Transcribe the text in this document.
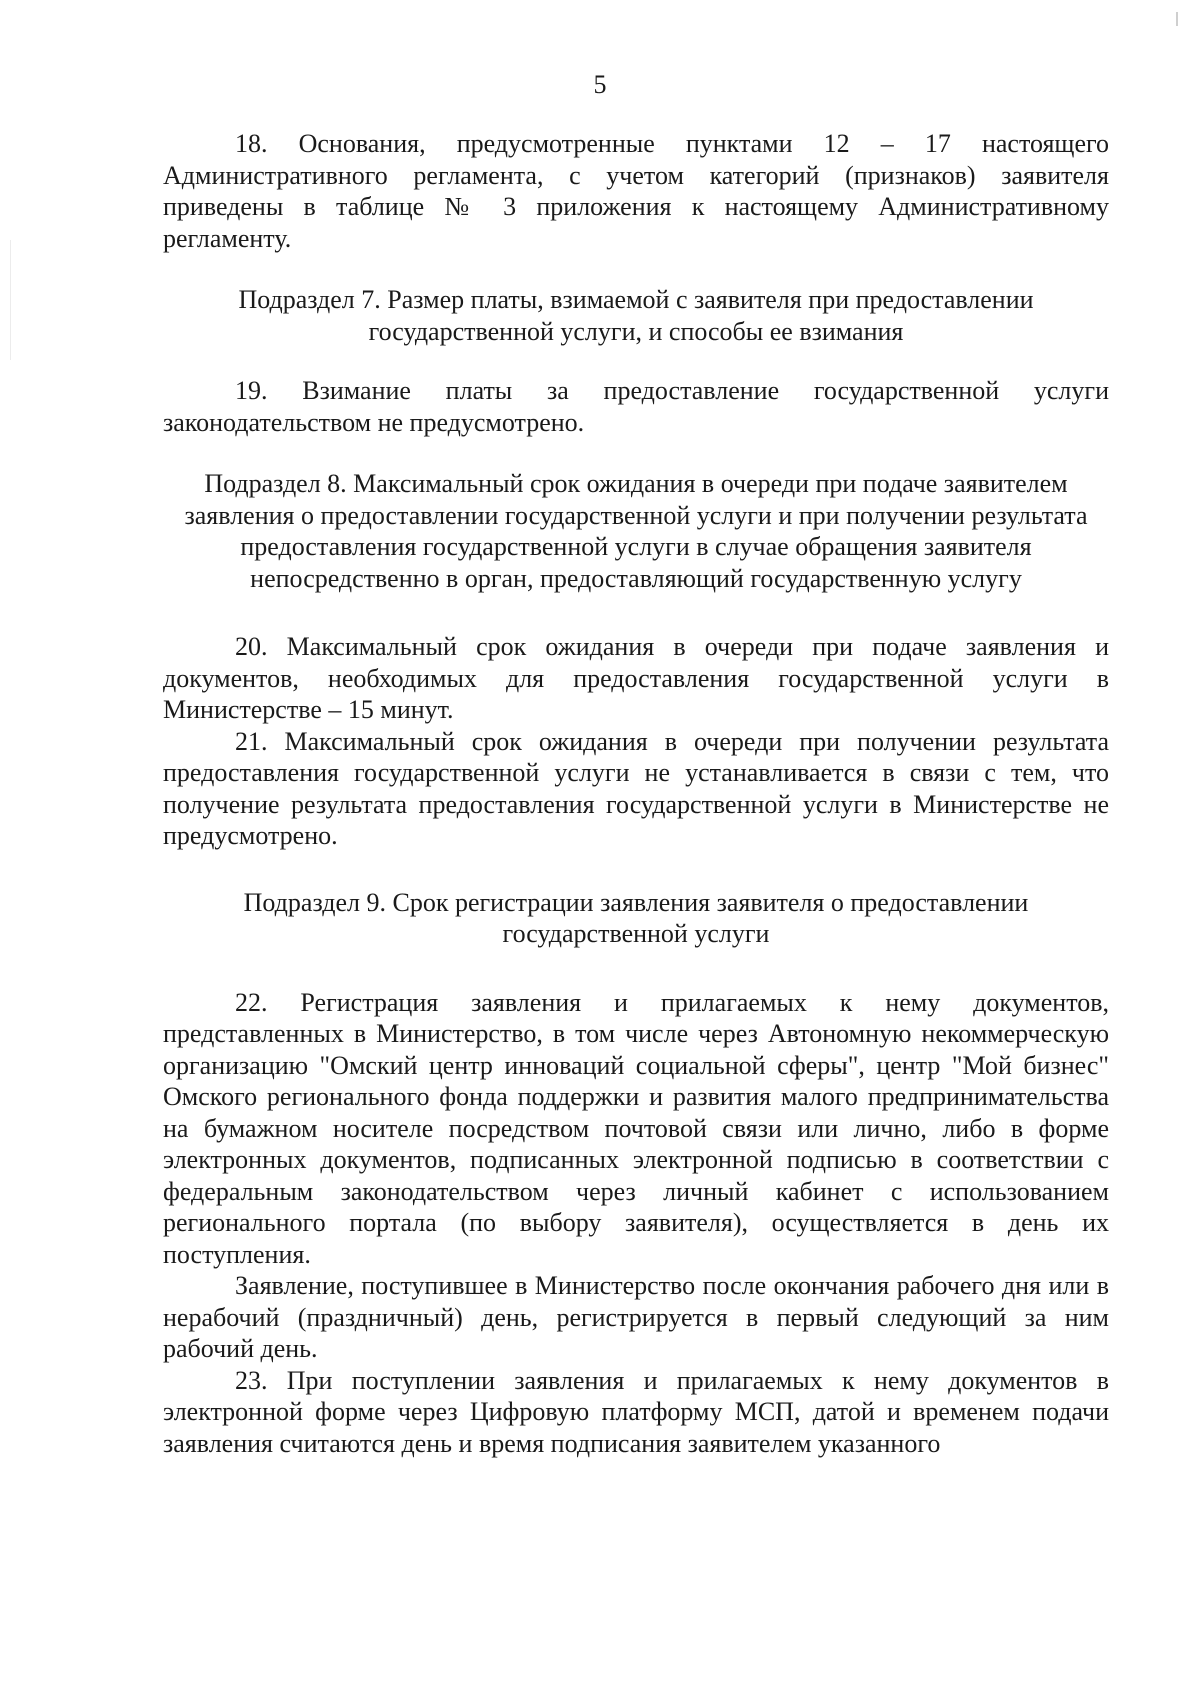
5

18. Основания, предусмотренные пунктами 12 – 17 настоящего Административного регламента, с учетом категорий (признаков) заявителя приведены в таблице № 3 приложения к настоящему Административному регламенту.

Подраздел 7. Размер платы, взимаемой с заявителя при предоставлении государственной услуги, и способы ее взимания

19. Взимание платы за предоставление государственной услуги законодательством не предусмотрено.

Подраздел 8. Максимальный срок ожидания в очереди при подаче заявителем заявления о предоставлении государственной услуги и при получении результата предоставления государственной услуги в случае обращения заявителя непосредственно в орган, предоставляющий государственную услугу

20. Максимальный срок ожидания в очереди при подаче заявления и документов, необходимых для предоставления государственной услуги в Министерстве – 15 минут.

21. Максимальный срок ожидания в очереди при получении результата предоставления государственной услуги не устанавливается в связи с тем, что получение результата предоставления государственной услуги в Министерстве не предусмотрено.

Подраздел 9. Срок регистрации заявления заявителя о предоставлении государственной услуги

22. Регистрация заявления и прилагаемых к нему документов, представленных в Министерство, в том числе через Автономную некоммерческую организацию "Омский центр инноваций социальной сферы", центр "Мой бизнес" Омского регионального фонда поддержки и развития малого предпринимательства на бумажном носителе посредством почтовой связи или лично, либо в форме электронных документов, подписанных электронной подписью в соответствии с федеральным законодательством через личный кабинет с использованием регионального портала (по выбору заявителя), осуществляется в день их поступления.

Заявление, поступившее в Министерство после окончания рабочего дня или в нерабочий (праздничный) день, регистрируется в первый следующий за ним рабочий день.

23. При поступлении заявления и прилагаемых к нему документов в электронной форме через Цифровую платформу МСП, датой и временем подачи заявления считаются день и время подписания заявителем указанного
